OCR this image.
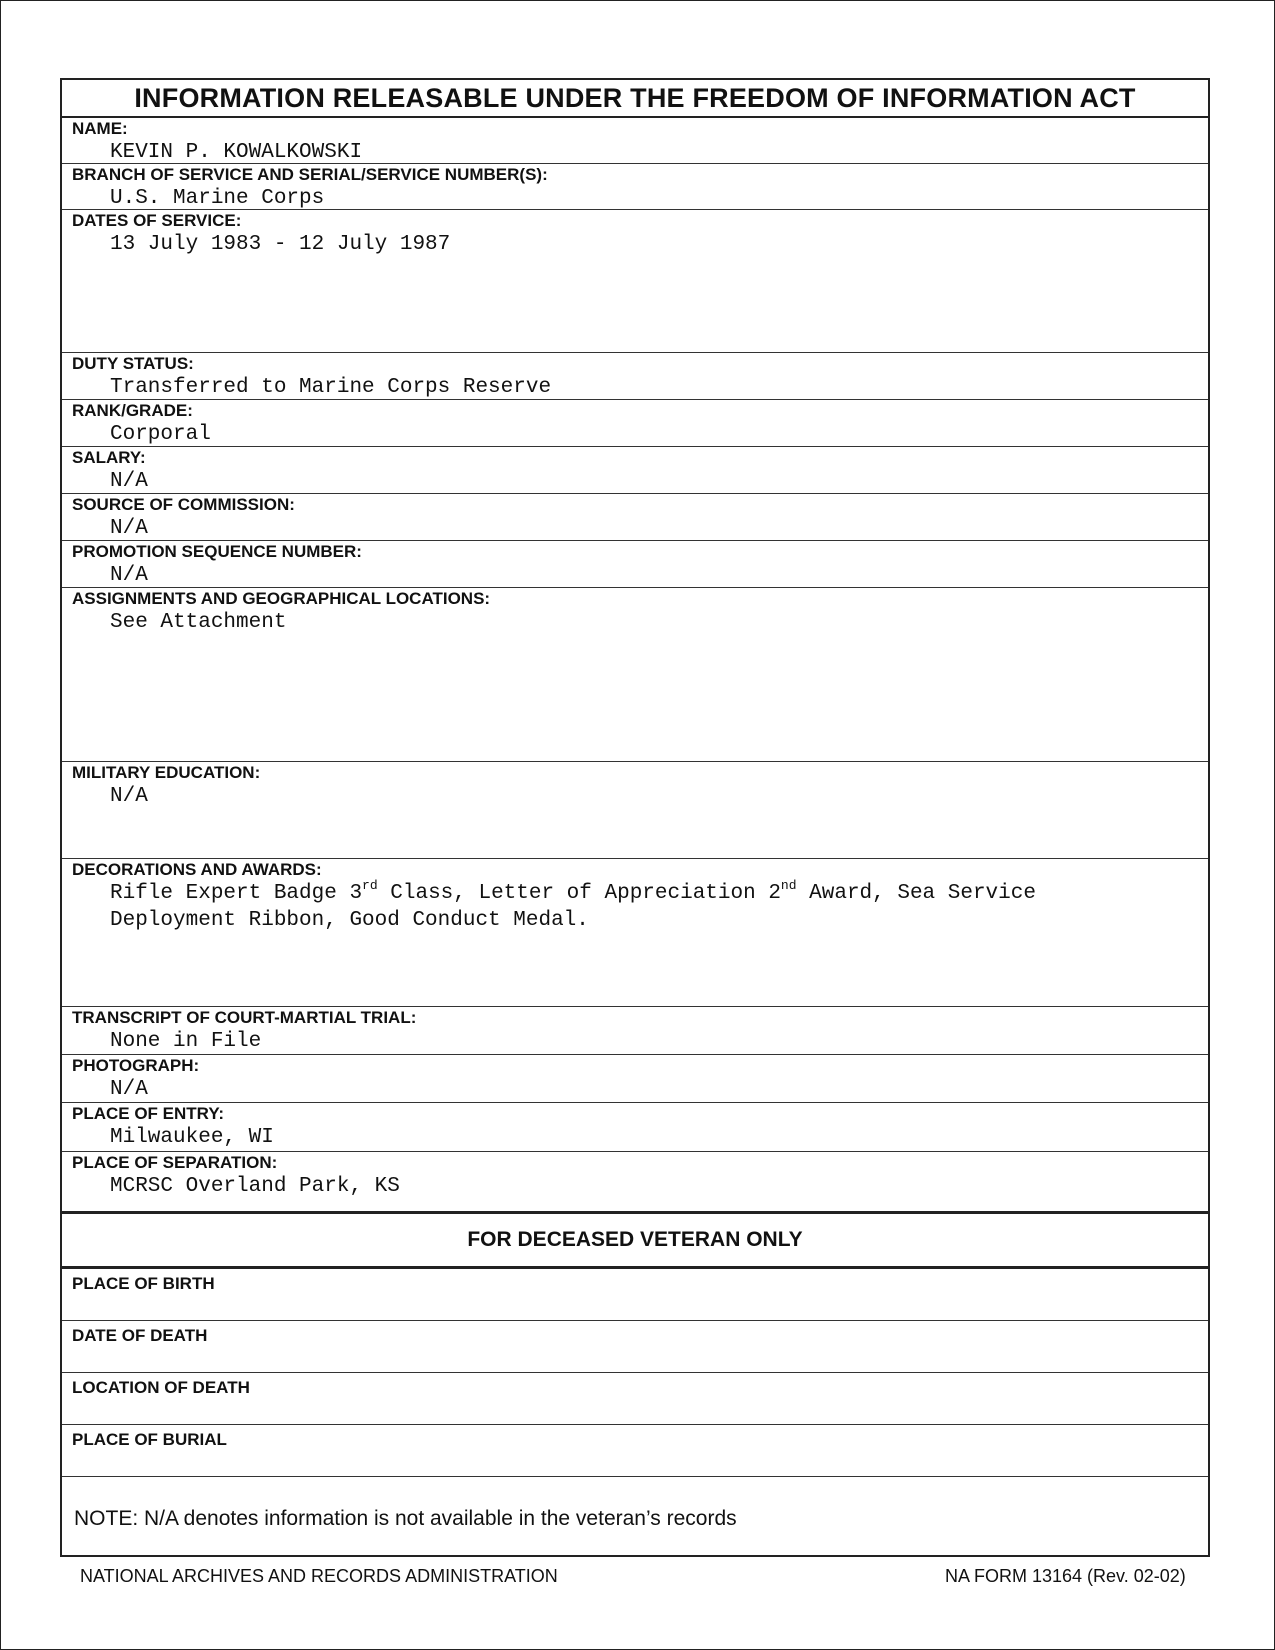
INFORMATION RELEASABLE UNDER THE FREEDOM OF INFORMATION ACT
NAME:
KEVIN P. KOWALKOWSKI
BRANCH OF SERVICE AND SERIAL/SERVICE NUMBER(S):
U.S. Marine Corps
DATES OF SERVICE:
13 July 1983 - 12 July 1987
DUTY STATUS:
Transferred to Marine Corps Reserve
RANK/GRADE:
Corporal
SALARY:
N/A
SOURCE OF COMMISSION:
N/A
PROMOTION SEQUENCE NUMBER:
N/A
ASSIGNMENTS AND GEOGRAPHICAL LOCATIONS:
See Attachment
MILITARY EDUCATION:
N/A
DECORATIONS AND AWARDS:
Rifle Expert Badge 3rd Class, Letter of Appreciation 2nd Award, Sea Service
Deployment Ribbon, Good Conduct Medal.
TRANSCRIPT OF COURT-MARTIAL TRIAL:
None in File
PHOTOGRAPH:
N/A
PLACE OF ENTRY:
Milwaukee, WI
PLACE OF SEPARATION:
MCRSC Overland Park, KS
FOR DECEASED VETERAN ONLY
PLACE OF BIRTH
DATE OF DEATH
LOCATION OF DEATH
PLACE OF BURIAL
NOTE: N/A denotes information is not available in the veteran’s records
NATIONAL ARCHIVES AND RECORDS ADMINISTRATION	NA FORM 13164 (Rev. 02-02)
